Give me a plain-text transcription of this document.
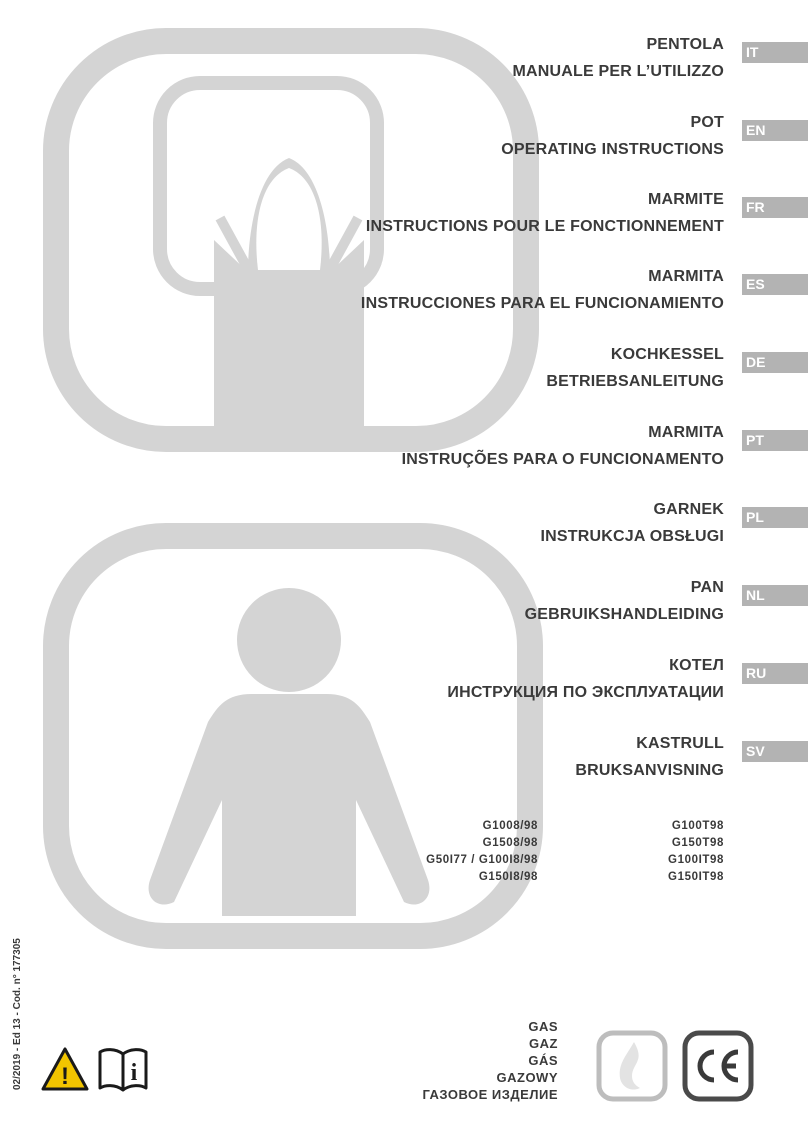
PENTOLA
MANUALE PER L’UTILIZZO
IT
POT
OPERATING INSTRUCTIONS
EN
MARMITE
INSTRUCTIONS POUR LE FONCTIONNEMENT
FR
MARMITA
INSTRUCCIONES PARA EL FUNCIONAMIENTO
ES
KOCHKESSEL
BETRIEBSANLEITUNG
DE
MARMITA
INSTRUÇÕES PARA O FUNCIONAMENTO
PT
GARNEK
INSTRUKCJA OBSŁUGI
PL
PAN
GEBRUIKSHANDLEIDING
NL
КОТЕЛ
ИНСТРУКЦИЯ ПО ЭКСПЛУАТАЦИИ
RU
KASTRULL
BRUKSANVISNING
SV
G1008/98
G1508/98
G50I77 / G100I8/98
G150I8/98
G100T98
G150T98
G100IT98
G150IT98
GAS
GAZ
GÁS
GAZOWY
ГАЗОВОЕ ИЗДЕЛИЕ
CE
!	i
02/2019 - Ed 13 - Cod. n° 177305
